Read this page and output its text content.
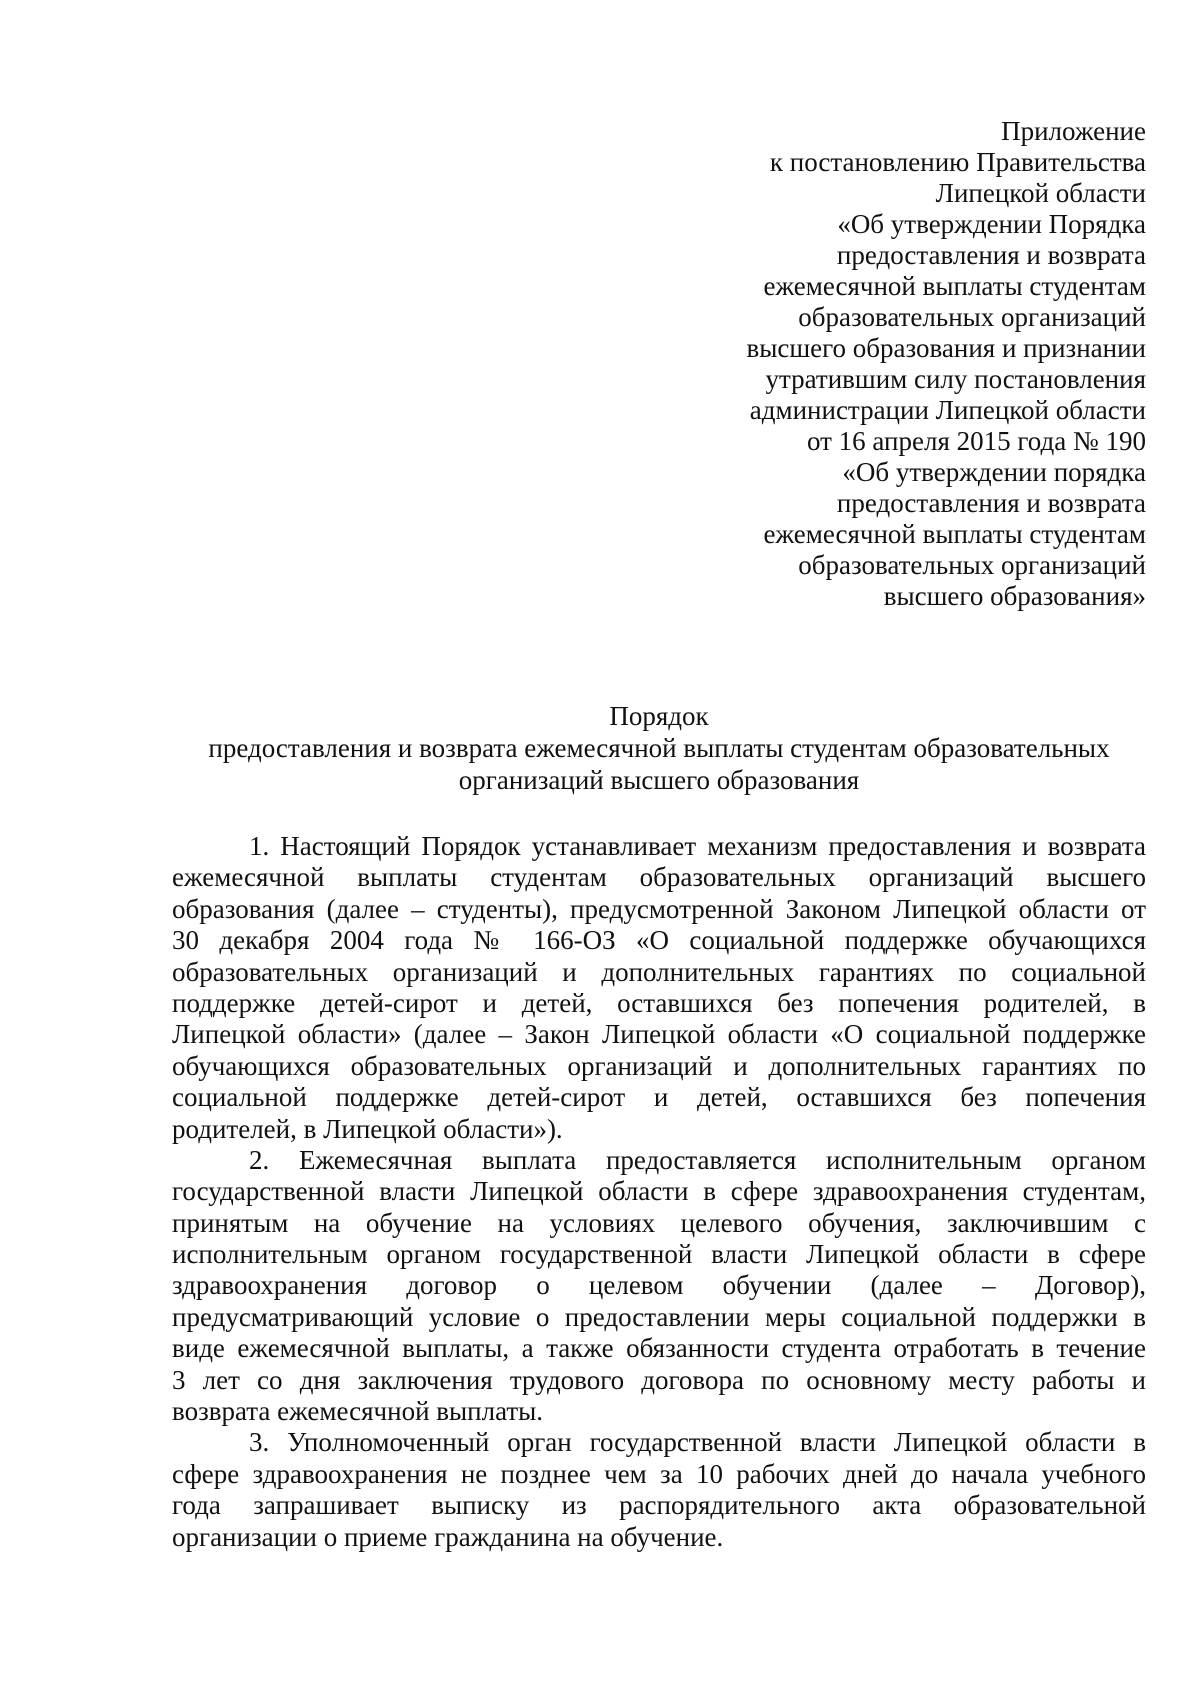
Приложение
к постановлению Правительства
Липецкой области
«Об утверждении Порядка
предоставления и возврата
ежемесячной выплаты студентам
образовательных организаций
высшего образования и признании
утратившим силу постановления
администрации Липецкой области
от 16 апреля 2015 года № 190
«Об утверждении порядка
предоставления и возврата
ежемесячной выплаты студентам
образовательных организаций
высшего образования»
Порядок
предоставления и возврата ежемесячной выплаты студентам образовательных
организаций высшего образования
1. Настоящий Порядок устанавливает механизм предоставления и возврата
ежемесячной выплаты студентам образовательных организаций высшего
образования (далее – студенты), предусмотренной Законом Липецкой области от
30 декабря 2004 года № 166-ОЗ «О социальной поддержке обучающихся
образовательных организаций и дополнительных гарантиях по социальной
поддержке детей-сирот и детей, оставшихся без попечения родителей, в
Липецкой области» (далее – Закон Липецкой области «О социальной поддержке
обучающихся образовательных организаций и дополнительных гарантиях по
социальной поддержке детей-сирот и детей, оставшихся без попечения
родителей, в Липецкой области»).
2. Ежемесячная выплата предоставляется исполнительным органом
государственной власти Липецкой области в сфере здравоохранения студентам,
принятым на обучение на условиях целевого обучения, заключившим с
исполнительным органом государственной власти Липецкой области в сфере
здравоохранения договор о целевом обучении (далее – Договор),
предусматривающий условие о предоставлении меры социальной поддержки в
виде ежемесячной выплаты, а также обязанности студента отработать в течение
3 лет со дня заключения трудового договора по основному месту работы и
возврата ежемесячной выплаты.
3. Уполномоченный орган государственной власти Липецкой области в
сфере здравоохранения не позднее чем за 10 рабочих дней до начала учебного
года запрашивает выписку из распорядительного акта образовательной
организации о приеме гражданина на обучение.
